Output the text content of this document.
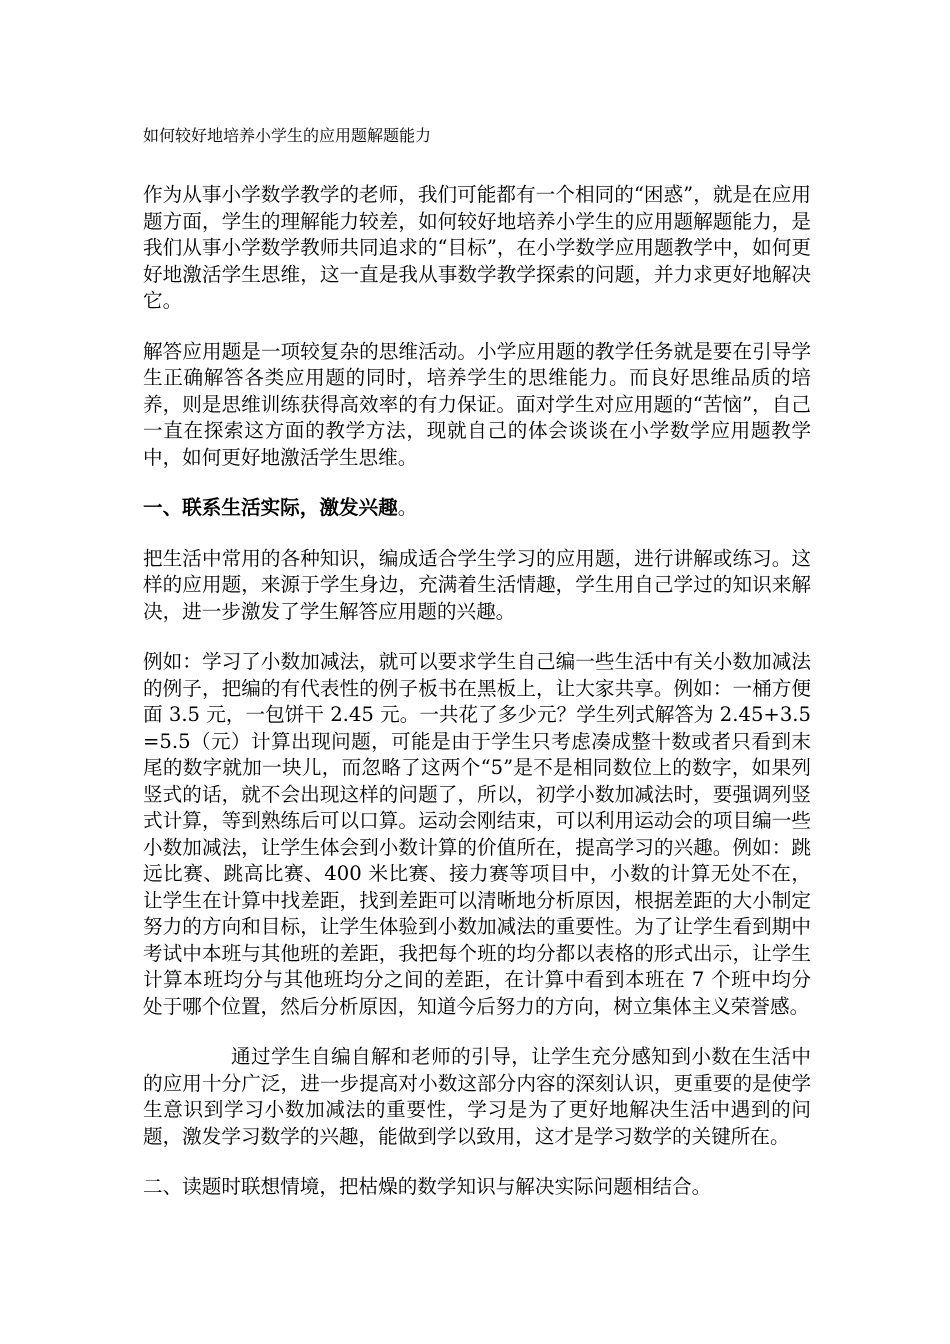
如何较好地培养小学生的应用题解题能力

作为从事小学数学教学的老师，我们可能都有一个相同的“困惑”，就是在应用题方面，学生的理解能力较差，如何较好地培养小学生的应用题解题能力，是我们从事小学数学教师共同追求的“目标”，在小学数学应用题教学中，如何更好地激活学生思维，这一直是我从事数学教学探索的问题，并力求更好地解决它。

解答应用题是一项较复杂的思维活动。小学应用题的教学任务就是要在引导学生正确解答各类应用题的同时，培养学生的思维能力。而良好思维品质的培养，则是思维训练获得高效率的有力保证。面对学生对应用题的“苦恼”，自己一直在探索这方面的教学方法，现就自己的体会谈谈在小学数学应用题教学中，如何更好地激活学生思维。

一、联系生活实际，激发兴趣。

把生活中常用的各种知识，编成适合学生学习的应用题，进行讲解或练习。这样的应用题，来源于学生身边，充满着生活情趣，学生用自己学过的知识来解决，进一步激发了学生解答应用题的兴趣。

例如：学习了小数加减法，就可以要求学生自己编一些生活中有关小数加减法的例子，把编的有代表性的例子板书在黑板上，让大家共享。例如：一桶方便面 3.5 元，一包饼干 2.45 元。一共花了多少元？学生列式解答为 2.45+3.5=5.5（元）计算出现问题，可能是由于学生只考虑凑成整十数或者只看到末尾的数字就加一块儿，而忽略了这两个“5”是不是相同数位上的数字，如果列竖式的话，就不会出现这样的问题了，所以，初学小数加减法时，要强调列竖式计算，等到熟练后可以口算。运动会刚结束，可以利用运动会的项目编一些小数加减法，让学生体会到小数计算的价值所在，提高学习的兴趣。例如：跳远比赛、跳高比赛、400 米比赛、接力赛等项目中，小数的计算无处不在，让学生在计算中找差距，找到差距可以清晰地分析原因，根据差距的大小制定努力的方向和目标，让学生体验到小数加减法的重要性。为了让学生看到期中考试中本班与其他班的差距，我把每个班的均分都以表格的形式出示，让学生计算本班均分与其他班均分之间的差距，在计算中看到本班在 7 个班中均分处于哪个位置，然后分析原因，知道今后努力的方向，树立集体主义荣誉感。

通过学生自编自解和老师的引导，让学生充分感知到小数在生活中的应用十分广泛，进一步提高对小数这部分内容的深刻认识，更重要的是使学生意识到学习小数加减法的重要性，学习是为了更好地解决生活中遇到的问题，激发学习数学的兴趣，能做到学以致用，这才是学习数学的关键所在。

二、读题时联想情境，把枯燥的数学知识与解决实际问题相结合。
